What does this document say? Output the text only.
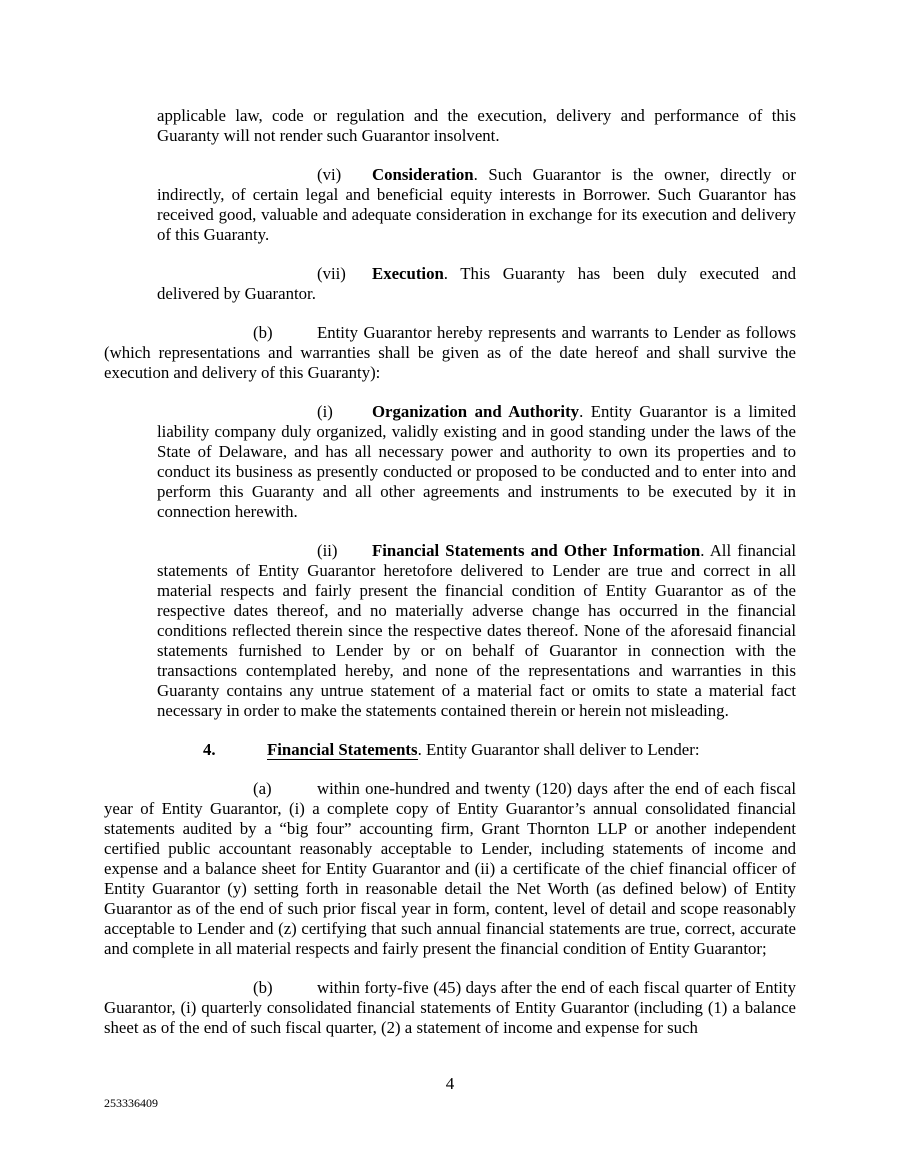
applicable law, code or regulation and the execution, delivery and performance of this Guaranty will not render such Guarantor insolvent.

(vi) Consideration. Such Guarantor is the owner, directly or indirectly, of certain legal and beneficial equity interests in Borrower. Such Guarantor has received good, valuable and adequate consideration in exchange for its execution and delivery of this Guaranty.

(vii) Execution. This Guaranty has been duly executed and delivered by Guarantor.

(b)	Entity Guarantor hereby represents and warrants to Lender as follows (which representations and warranties shall be given as of the date hereof and shall survive the execution and delivery of this Guaranty):

(i) Organization and Authority. Entity Guarantor is a limited liability company duly organized, validly existing and in good standing under the laws of the State of Delaware, and has all necessary power and authority to own its properties and to conduct its business as presently conducted or proposed to be conducted and to enter into and perform this Guaranty and all other agreements and instruments to be executed by it in connection herewith.

(ii) Financial Statements and Other Information. All financial statements of Entity Guarantor heretofore delivered to Lender are true and correct in all material respects and fairly present the financial condition of Entity Guarantor as of the respective dates thereof, and no materially adverse change has occurred in the financial conditions reflected therein since the respective dates thereof. None of the aforesaid financial statements furnished to Lender by or on behalf of Guarantor in connection with the transactions contemplated hereby, and none of the representations and warranties in this Guaranty contains any untrue statement of a material fact or omits to state a material fact necessary in order to make the statements contained therein or herein not misleading.

4.	Financial Statements. Entity Guarantor shall deliver to Lender:

(a)	within one-hundred and twenty (120) days after the end of each fiscal year of Entity Guarantor, (i) a complete copy of Entity Guarantor’s annual consolidated financial statements audited by a “big four” accounting firm, Grant Thornton LLP or another independent certified public accountant reasonably acceptable to Lender, including statements of income and expense and a balance sheet for Entity Guarantor and (ii) a certificate of the chief financial officer of Entity Guarantor (y) setting forth in reasonable detail the Net Worth (as defined below) of Entity Guarantor as of the end of such prior fiscal year in form, content, level of detail and scope reasonably acceptable to Lender and (z) certifying that such annual financial statements are true, correct, accurate and complete in all material respects and fairly present the financial condition of Entity Guarantor;

(b)	within forty-five (45) days after the end of each fiscal quarter of Entity Guarantor, (i) quarterly consolidated financial statements of Entity Guarantor (including (1) a balance sheet as of the end of such fiscal quarter, (2) a statement of income and expense for such

4
253336409
